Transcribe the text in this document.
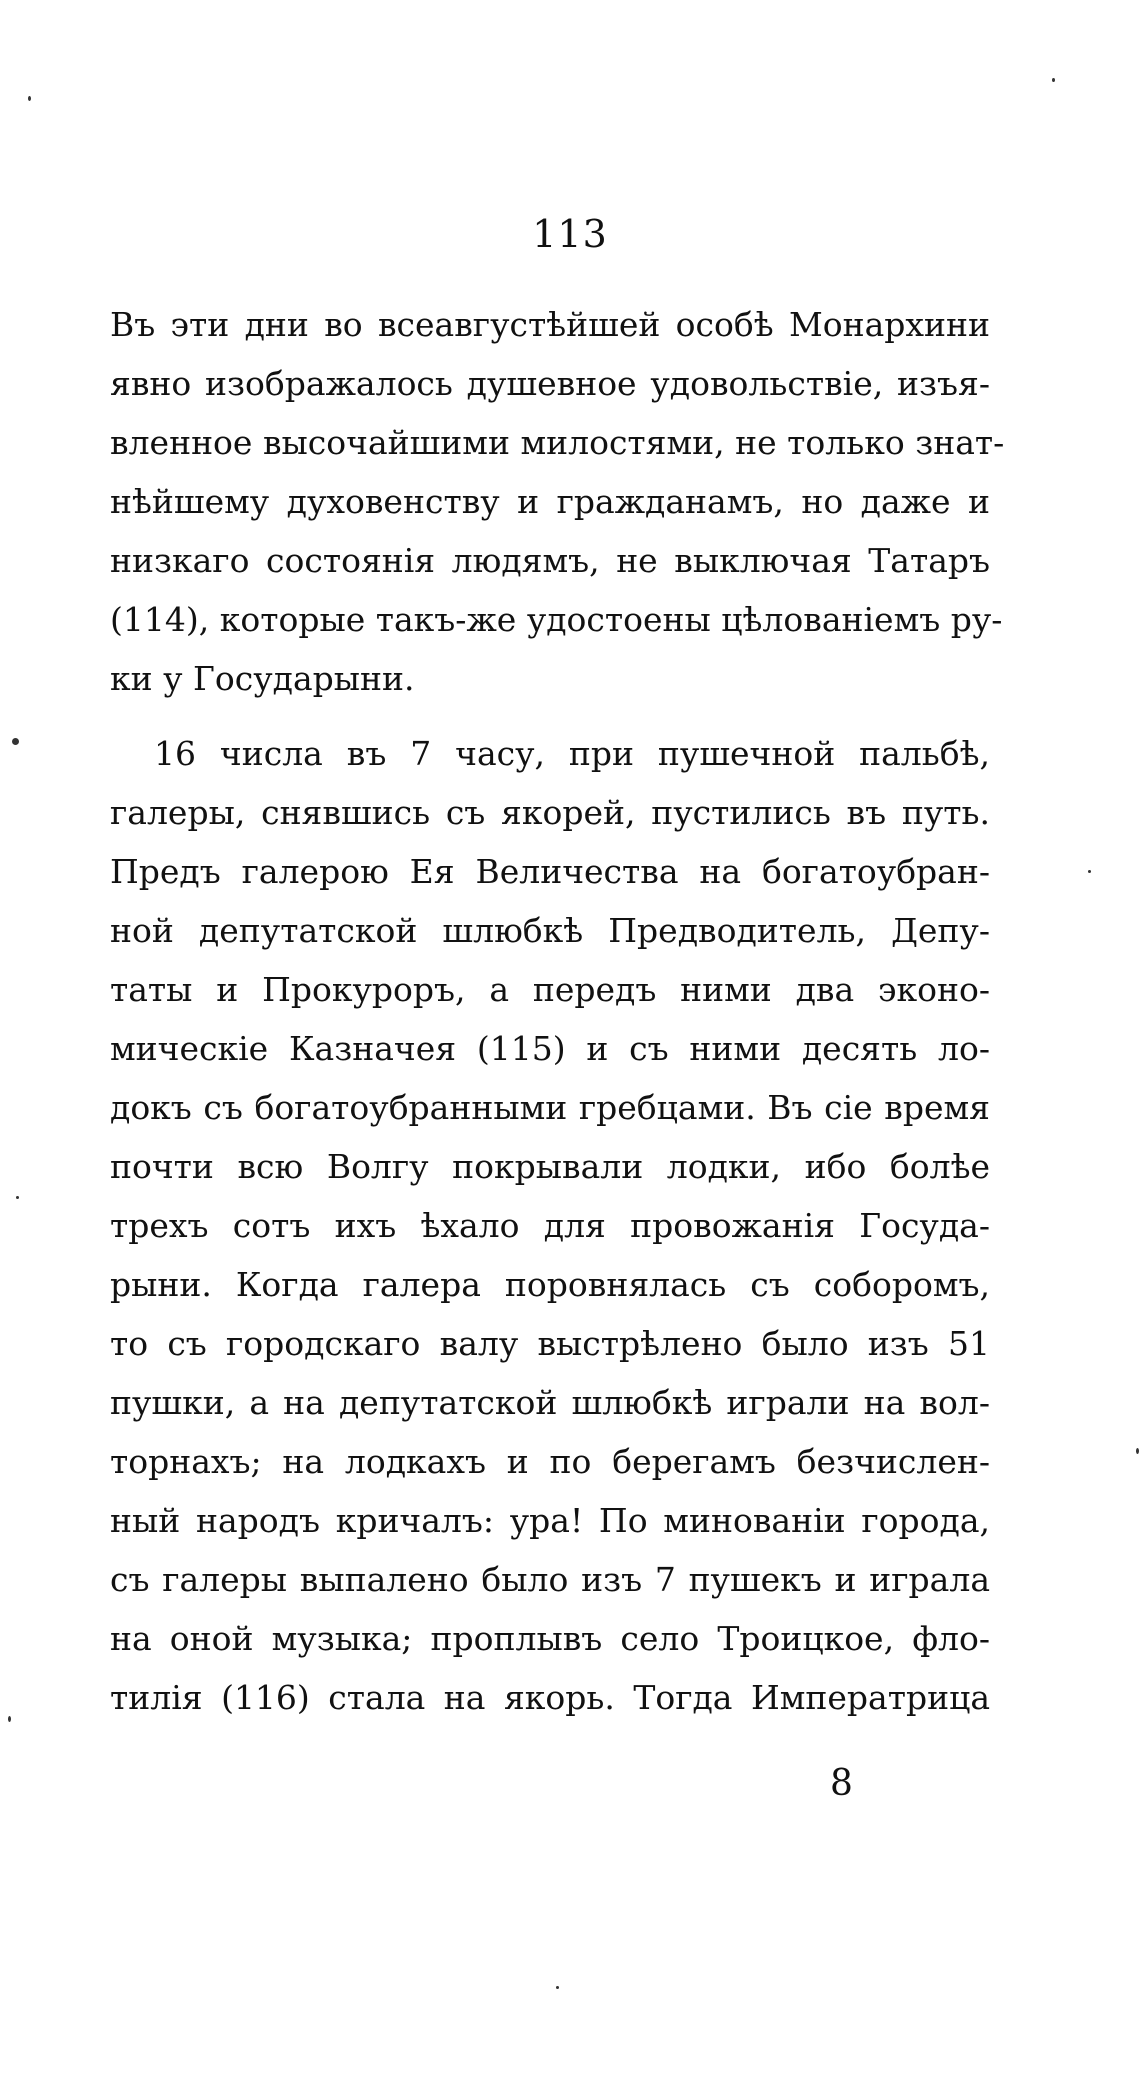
113
Въ эти дни во всеавгустѣйшей особѣ Монархини
явно изображалось душевное удовольствіе, изъя-
вленное высочайшими милостями, не только знат-
нѣйшему духовенству и гражданамъ, но даже и
низкаго состоянія людямъ, не выключая Татаръ
(114), которые такъ-же удостоены цѣлованіемъ ру-
ки у Государыни.
16 числа въ 7 часу, при пушечной пальбѣ,
галеры, снявшись съ якорей, пустились въ путь.
Предъ галерою Ея Величества на богатоубран-
ной депутатской шлюбкѣ Предводитель, Депу-
таты и Прокуроръ, а передъ ними два эконо-
мическіе Казначея (115) и съ ними десять ло-
докъ съ богатоубранными гребцами. Въ сіе время
почти всю Волгу покрывали лодки, ибо болѣе
трехъ сотъ ихъ ѣхало для провожанія Госуда-
рыни. Когда галера поровнялась съ соборомъ,
то съ городскаго валу выстрѣлено было изъ 51
пушки, а на депутатской шлюбкѣ играли на вол-
торнахъ; на лодкахъ и по берегамъ безчислен-
ный народъ кричалъ: ура! По минованіи города,
съ галеры выпалено было изъ 7 пушекъ и играла
на оной музыка; проплывъ село Троицкое, фло-
тилія (116) стала на якорь. Тогда Императрица
8
